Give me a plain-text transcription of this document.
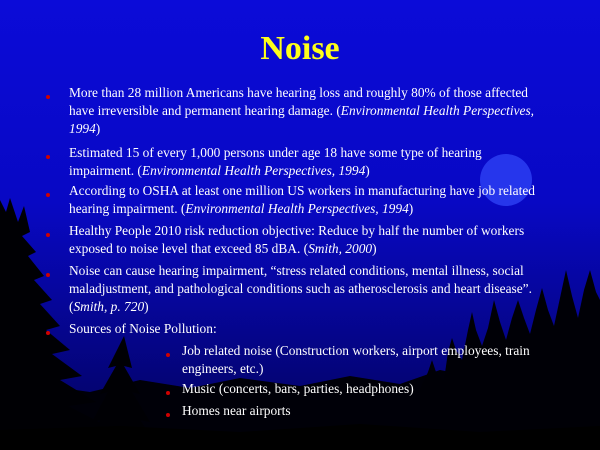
Noise
More than 28 million Americans have hearing loss and roughly 80% of those affected have irreversible and permanent hearing damage. (Environmental Health Perspectives, 1994)
Estimated 15 of every 1,000 persons under age 18 have some type of hearing impairment. (Environmental Health Perspectives, 1994)
According to OSHA at least one million US workers in manufacturing have job related hearing impairment. (Environmental Health Perspectives, 1994)
Healthy People 2010 risk reduction objective: Reduce by half the number of workers exposed to noise level that exceed 85 dBA. (Smith, 2000)
Noise can cause hearing impairment, “stress related conditions, mental illness, social maladjustment, and pathological conditions such as atherosclerosis and heart disease”. (Smith, p. 720)
Sources of Noise Pollution:
Job related noise (Construction workers, airport employees, train engineers, etc.)
Music (concerts, bars, parties, headphones)
Homes near airports
